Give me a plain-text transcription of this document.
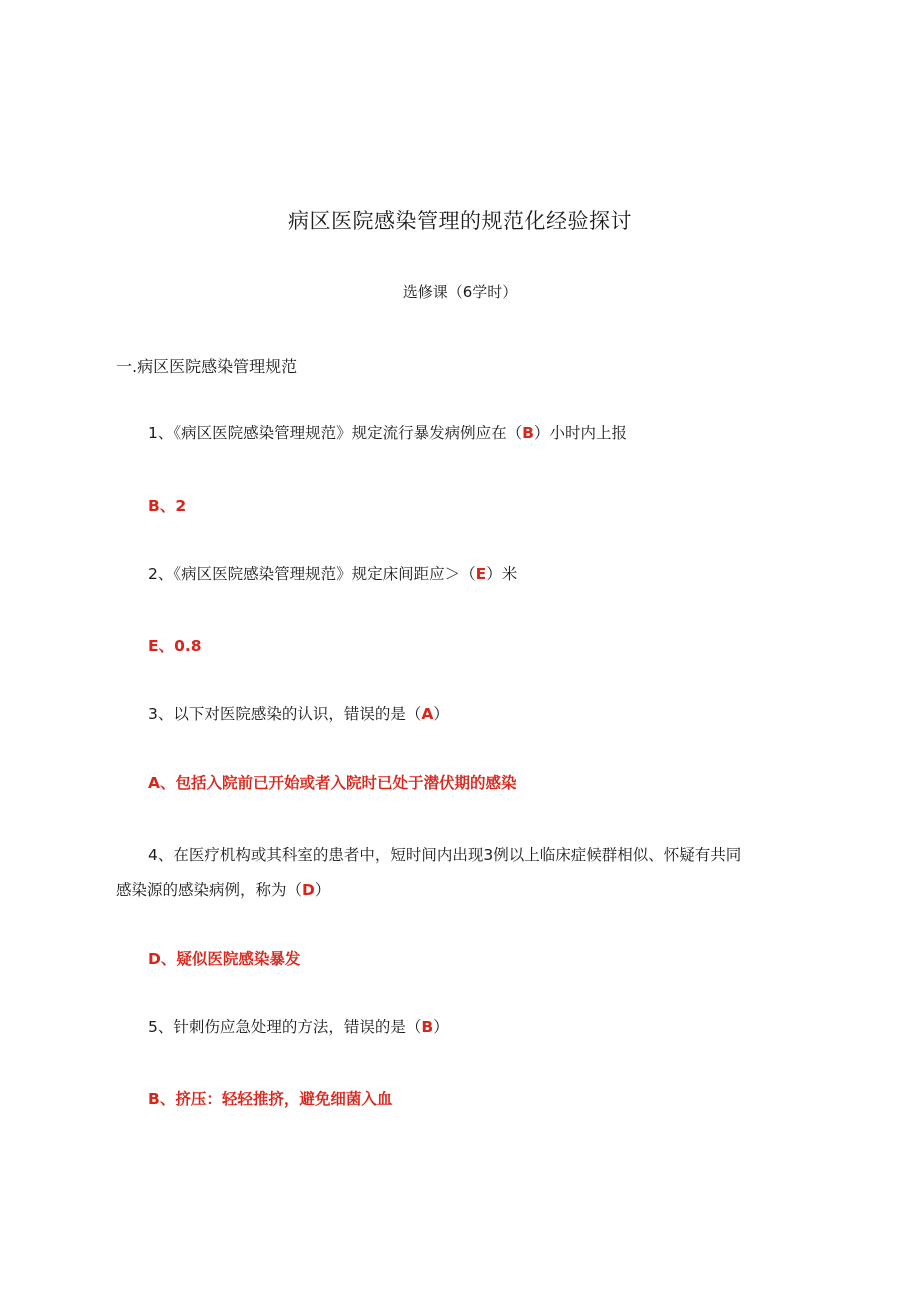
病区医院感染管理的规范化经验探讨
选修课（6学时）
一.病区医院感染管理规范
1、《病区医院感染管理规范》规定流行暴发病例应在（B）小时内上报
B、2
2、《病区医院感染管理规范》规定床间距应＞（E）米
E、0.8
3、以下对医院感染的认识，错误的是（A）
A、包括入院前已开始或者入院时已处于潜伏期的感染
4、在医疗机构或其科室的患者中，短时间内出现3例以上临床症候群相似、怀疑有共同
感染源的感染病例，称为（D）
D、疑似医院感染暴发
5、针刺伤应急处理的方法，错误的是（B）
B、挤压：轻轻推挤，避免细菌入血
